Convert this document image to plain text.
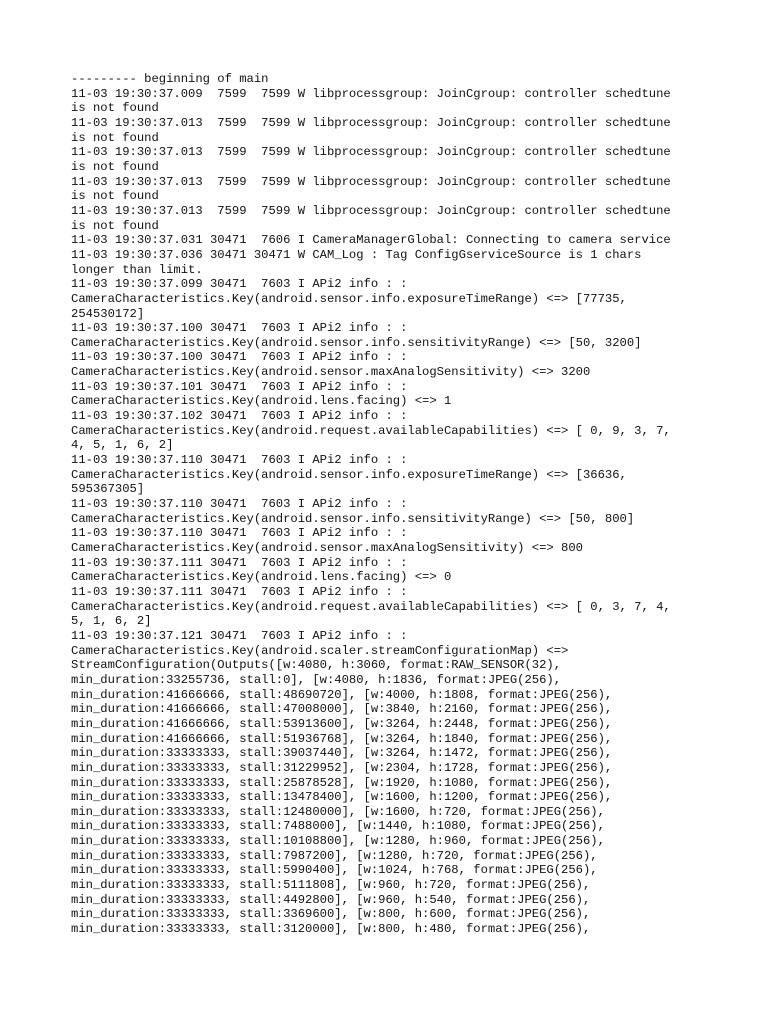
--------- beginning of main
11-03 19:30:37.009  7599  7599 W libprocessgroup: JoinCgroup: controller schedtune
is not found
11-03 19:30:37.013  7599  7599 W libprocessgroup: JoinCgroup: controller schedtune
is not found
11-03 19:30:37.013  7599  7599 W libprocessgroup: JoinCgroup: controller schedtune
is not found
11-03 19:30:37.013  7599  7599 W libprocessgroup: JoinCgroup: controller schedtune
is not found
11-03 19:30:37.013  7599  7599 W libprocessgroup: JoinCgroup: controller schedtune
is not found
11-03 19:30:37.031 30471  7606 I CameraManagerGlobal: Connecting to camera service
11-03 19:30:37.036 30471 30471 W CAM_Log : Tag ConfigGserviceSource is 1 chars
longer than limit.
11-03 19:30:37.099 30471  7603 I APi2 info : :
CameraCharacteristics.Key(android.sensor.info.exposureTimeRange) <=> [77735,
254530172]
11-03 19:30:37.100 30471  7603 I APi2 info : :
CameraCharacteristics.Key(android.sensor.info.sensitivityRange) <=> [50, 3200]
11-03 19:30:37.100 30471  7603 I APi2 info : :
CameraCharacteristics.Key(android.sensor.maxAnalogSensitivity) <=> 3200
11-03 19:30:37.101 30471  7603 I APi2 info : :
CameraCharacteristics.Key(android.lens.facing) <=> 1
11-03 19:30:37.102 30471  7603 I APi2 info : :
CameraCharacteristics.Key(android.request.availableCapabilities) <=> [ 0, 9, 3, 7,
4, 5, 1, 6, 2]
11-03 19:30:37.110 30471  7603 I APi2 info : :
CameraCharacteristics.Key(android.sensor.info.exposureTimeRange) <=> [36636,
595367305]
11-03 19:30:37.110 30471  7603 I APi2 info : :
CameraCharacteristics.Key(android.sensor.info.sensitivityRange) <=> [50, 800]
11-03 19:30:37.110 30471  7603 I APi2 info : :
CameraCharacteristics.Key(android.sensor.maxAnalogSensitivity) <=> 800
11-03 19:30:37.111 30471  7603 I APi2 info : :
CameraCharacteristics.Key(android.lens.facing) <=> 0
11-03 19:30:37.111 30471  7603 I APi2 info : :
CameraCharacteristics.Key(android.request.availableCapabilities) <=> [ 0, 3, 7, 4,
5, 1, 6, 2]
11-03 19:30:37.121 30471  7603 I APi2 info : :
CameraCharacteristics.Key(android.scaler.streamConfigurationMap) <=>
StreamConfiguration(Outputs([w:4080, h:3060, format:RAW_SENSOR(32),
min_duration:33255736, stall:0], [w:4080, h:1836, format:JPEG(256),
min_duration:41666666, stall:48690720], [w:4000, h:1808, format:JPEG(256),
min_duration:41666666, stall:47008000], [w:3840, h:2160, format:JPEG(256),
min_duration:41666666, stall:53913600], [w:3264, h:2448, format:JPEG(256),
min_duration:41666666, stall:51936768], [w:3264, h:1840, format:JPEG(256),
min_duration:33333333, stall:39037440], [w:3264, h:1472, format:JPEG(256),
min_duration:33333333, stall:31229952], [w:2304, h:1728, format:JPEG(256),
min_duration:33333333, stall:25878528], [w:1920, h:1080, format:JPEG(256),
min_duration:33333333, stall:13478400], [w:1600, h:1200, format:JPEG(256),
min_duration:33333333, stall:12480000], [w:1600, h:720, format:JPEG(256),
min_duration:33333333, stall:7488000], [w:1440, h:1080, format:JPEG(256),
min_duration:33333333, stall:10108800], [w:1280, h:960, format:JPEG(256),
min_duration:33333333, stall:7987200], [w:1280, h:720, format:JPEG(256),
min_duration:33333333, stall:5990400], [w:1024, h:768, format:JPEG(256),
min_duration:33333333, stall:5111808], [w:960, h:720, format:JPEG(256),
min_duration:33333333, stall:4492800], [w:960, h:540, format:JPEG(256),
min_duration:33333333, stall:3369600], [w:800, h:600, format:JPEG(256),
min_duration:33333333, stall:3120000], [w:800, h:480, format:JPEG(256),
